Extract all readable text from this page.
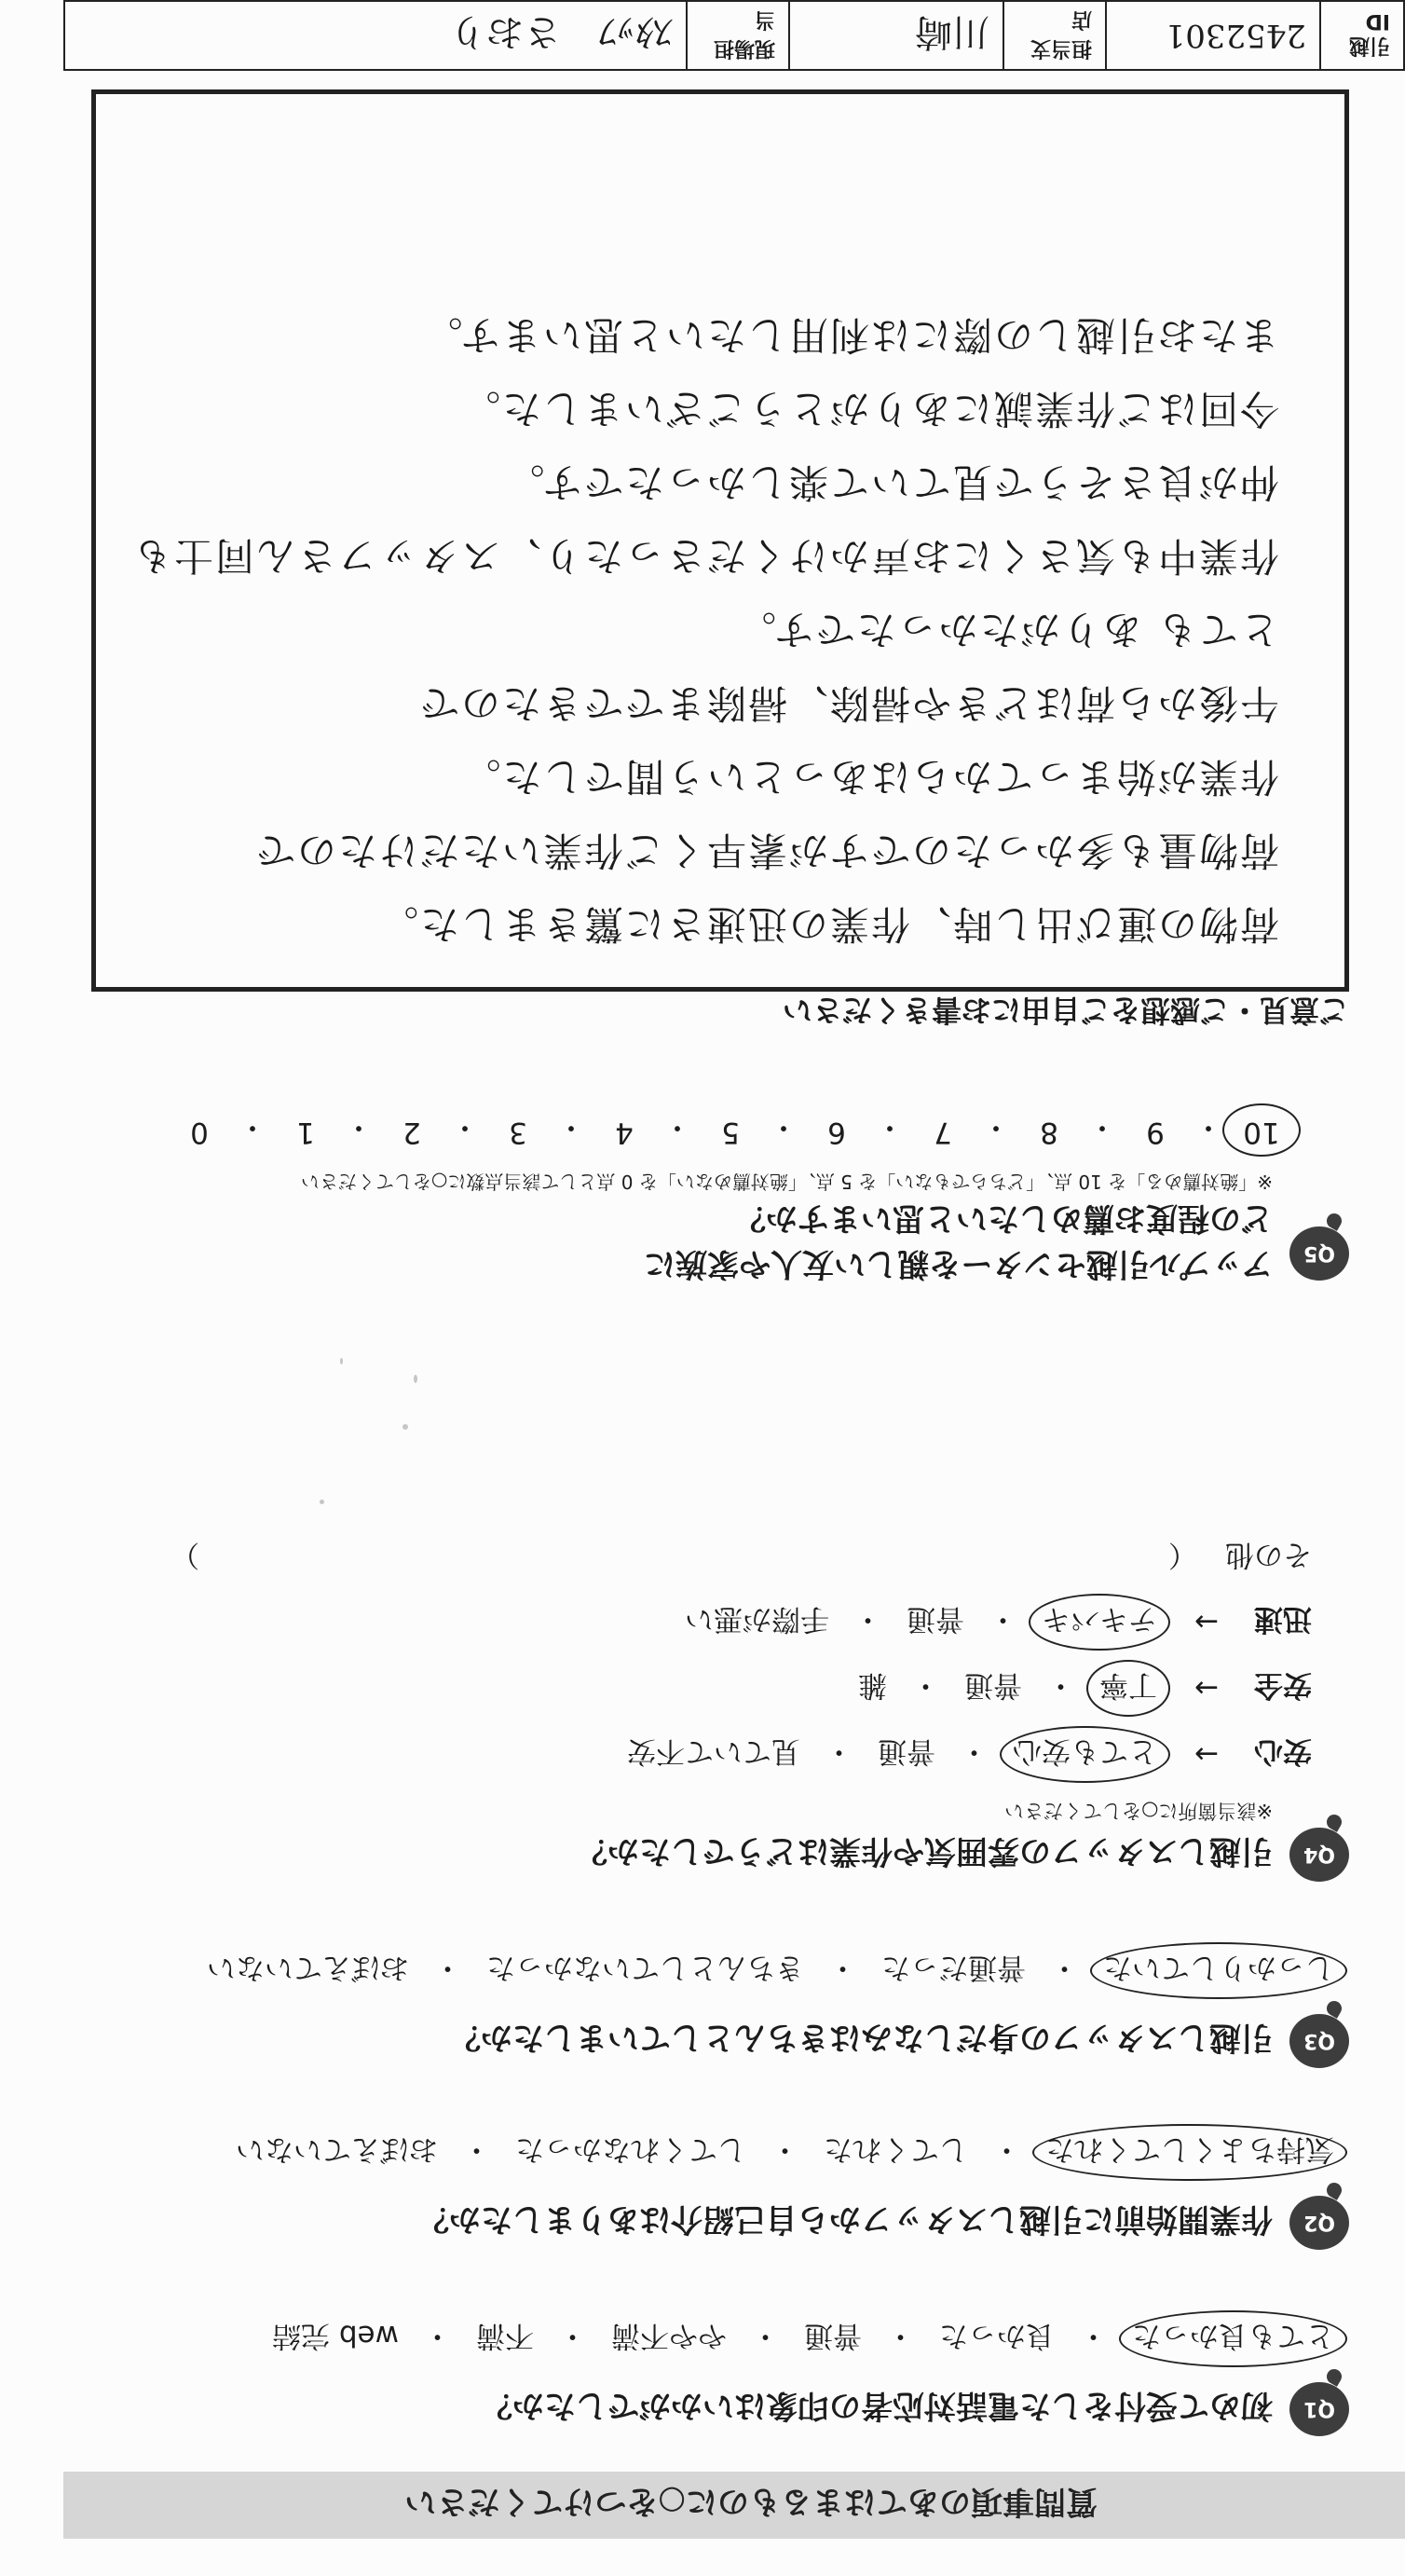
質問事項のあてはまるものに○をつけてください
Q1
初めて受付をした電話対応者の印象はいかがでしたか？
とても良かった
・
良かった
・
普通
・
やや不満
・
不満
・
web 完結
Q2
作業開始前に引越しスタッフから自己紹介はありましたか？
気持ちよくしてくれた
・
してくれた
・
してくれなかった
・
おぼえていない
Q3
引越しスタッフの身だしなみはきちんとしていましたか？
しっかりしていた
・
普通だった
・
きちんとしていなかった
・
おぼえていない
Q4
引越しスタッフの雰囲気や作業はどうでしたか？
※該当箇所に○をしてください
安心
→
とても安心
・
普通
・
見ていて不安
安全
→
丁寧
・
普通
・
雑
迅速
→
テキパキ
・
普通
・
手際が悪い
その他
（
）
Q5
アップル引越センターを親しい友人や家族に
どの程度お薦めしたいと思いますか？
※「絶対薦める」を 10 点、「どちらでもない」を 5 点、「絶対薦めない」を 0 点として該当点数に○をしてください
10
・
9
・
8
・
7
・
6
・
5
・
4
・
3
・
2
・
1
・
0
ご意見・ご感想をご自由にお書きください
荷物の運び出し時、作業の迅速さに驚きました。
荷物量も多かったのですが素早くご作業いただけたので
作業が始まってからはあっという間でした。
午後から荷ほどきや掃除、掃除までできたので
とても ありがたかったです。
作業中も気さくにお声かけくださったり、スタッフさん同士も
仲が良さそうで見ていて楽しかったです。
今回はご作業誠にありがとうございました。
またお引越しの際には利用したいと思います。
引越 ID
2452301
担当支店
川崎
現場担当
ｽﾀｯﾌ　さおり
